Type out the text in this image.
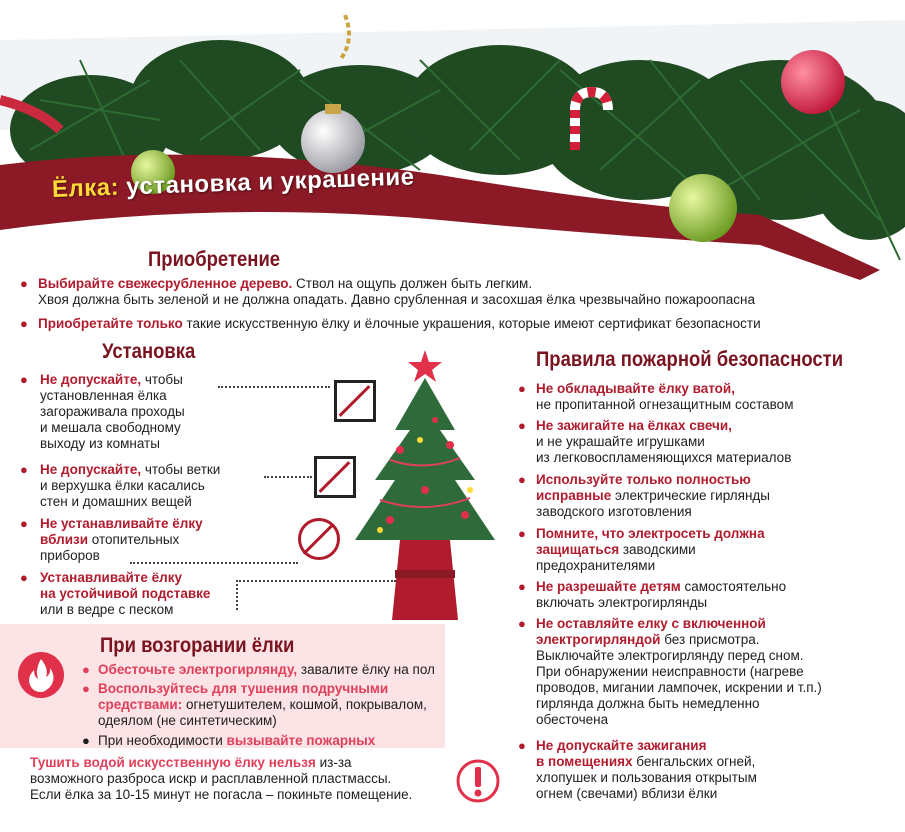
Ёлка: установка и украшение
Приобретение
● Выбирайте свежесрубленное дерево. Ствол на ощупь должен быть легким.
Хвоя должна быть зеленой и не должна опадать. Давно срубленная и засохшая ёлка чрезвычайно пожароопасна
● Приобретайте только такие искусственную ёлку и ёлочные украшения, которые имеют сертификат безопасности
Установка
● Не допускайте, чтобы
установленная ёлка
загораживала проходы
и мешала свободному
выходу из комнаты
● Не допускайте, чтобы ветки
и верхушка ёлки касались
стен и домашних вещей
● Не устанавливайте ёлку
вблизи отопительных
приборов
● Устанавливайте ёлку
на устойчивой подставке
или в ведре с песком
Правила пожарной безопасности
● Не обкладывайте ёлку ватой,
не пропитанной огнезащитным составом
● Не зажигайте на ёлках свечи,
и не украшайте игрушками
из легковоспламеняющихся материалов
● Используйте только полностью
исправные электрические гирлянды
заводского изготовления
● Помните, что электросеть должна
защищаться заводскими
предохранителями
● Не разрешайте детям самостоятельно
включать электрогирлянды
● Не оставляйте елку с включенной
электрогирляндой без присмотра.
Выключайте электрогирлянду перед сном.
При обнаружении неисправности (нагреве
проводов, мигании лампочек, искрении и т.п.)
гирлянда должна быть немедленно
обесточена
● Не допускайте зажигания
в помещениях бенгальских огней,
хлопушек и пользования открытым
огнем (свечами) вблизи ёлки
При возгорании ёлки
● Обесточьте электрогирлянду, завалите ёлку на пол
● Воспользуйтесь для тушения подручными
средствами: огнетушителем, кошмой, покрывалом,
одеялом (не синтетическим)
● При необходимости вызывайте пожарных
Тушить водой искусственную ёлку нельзя из-за
возможного разброса искр и расплавленной пластмассы.
Если ёлка за 10-15 минут не погасла – покиньте помещение.
